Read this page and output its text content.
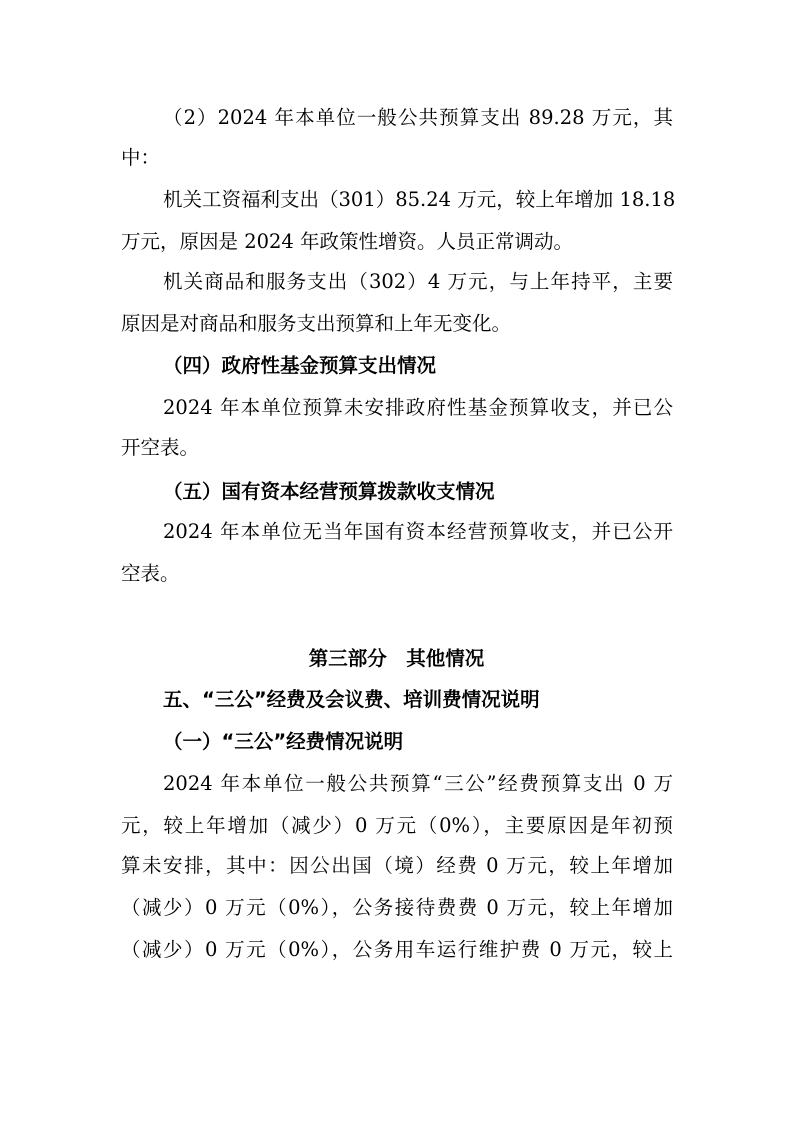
（2）2024 年本单位一般公共预算支出 89.28 万元，其
中：
机关工资福利支出（301）85.24 万元，较上年增加 18.18
万元，原因是 2024 年政策性增资。人员正常调动。
机关商品和服务支出（302）4 万元，与上年持平，主要
原因是对商品和服务支出预算和上年无变化。
（四）政府性基金预算支出情况
2024 年本单位预算未安排政府性基金预算收支，并已公
开空表。
（五）国有资本经营预算拨款收支情况
2024 年本单位无当年国有资本经营预算收支，并已公开
空表。
第三部分　其他情况
五、“三公”经费及会议费、培训费情况说明
（一）“三公”经费情况说明
2024 年本单位一般公共预算“三公”经费预算支出 0 万
元，较上年增加（减少）0 万元（0%），主要原因是年初预
算未安排，其中：因公出国（境）经费 0 万元，较上年增加
（减少）0 万元（0%），公务接待费费 0 万元，较上年增加
（减少）0 万元（0%），公务用车运行维护费 0 万元，较上
